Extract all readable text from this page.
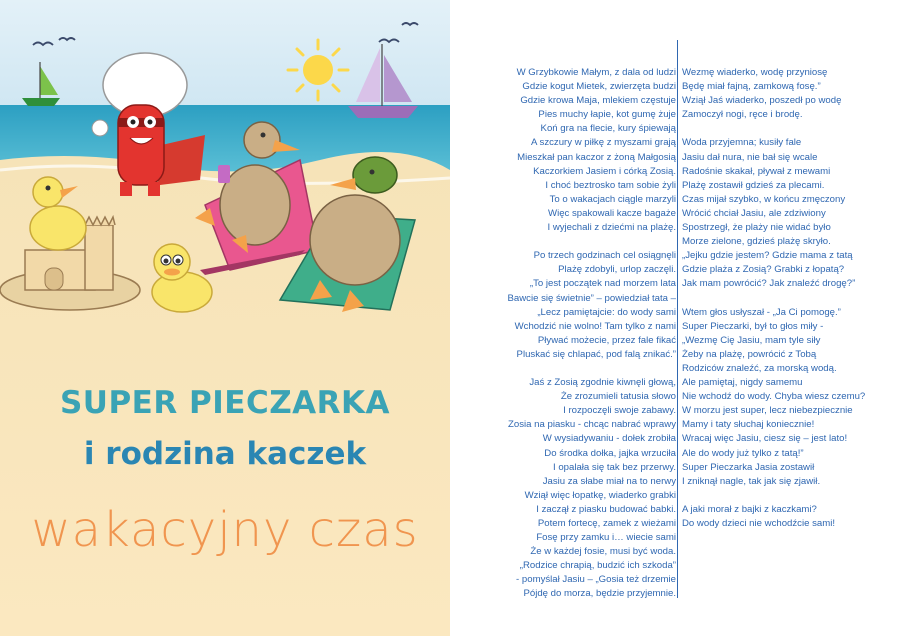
SUPER PIECZARKA
i rodzina kaczek
wakacyjny czas
W Grzybkowie Małym, z dala od ludzi
Gdzie kogut Mietek, zwierzęta budzi
Gdzie krowa Maja, mlekiem częstuje
Pies muchy łapie, kot gumę żuje
Koń gra na flecie, kury śpiewają
A szczury w piłkę z myszami grają
Mieszkał pan kaczor z żoną Małgosią
Kaczorkiem Jasiem i córką Zosią.
I choć beztrosko tam sobie żyli
To o wakacjach ciągle marzyli
Więc spakowali kacze bagaże
I wyjechali z dziećmi na plażę.
Po trzech godzinach cel osiągnęli
Plażę zdobyli, urlop zaczęli.
„To jest początek nad morzem lata
Bawcie się świetnie” – powiedział tata –
„Lecz pamiętajcie: do wody sami
Wchodzić nie wolno! Tam tylko z nami
Pływać możecie, przez fale fikać
Pluskać się chlapać, pod falą znikać.”
Jaś z Zosią zgodnie kiwnęli głową,
Że zrozumieli tatusia słowo
I rozpoczęli swoje zabawy.
Zosia na piasku - chcąc nabrać wprawy
W wysiadywaniu - dołek zrobiła
Do środka dołka, jajka wrzuciła
I opalała się tak bez przerwy.
Jasiu za słabe miał na to nerwy
Wziął więc łopatkę, wiaderko grabki
I zaczął z piasku budować babki.
Potem fortecę, zamek z wieżami
Fosę przy zamku i… wiecie sami
Że w każdej fosie, musi być woda.
„Rodzice chrapią, budzić ich szkoda”
- pomyślał Jasiu – „Gosia też drzemie
Pójdę do morza, będzie przyjemnie.
Wezmę wiaderko, wodę przyniosę
Będę miał fajną, zamkową fosę.”
Wziął Jaś wiaderko, poszedł po wodę
Zamoczył nogi, ręce i brodę.
Woda przyjemna; kusiły fale
Jasiu dał nura, nie bał się wcale
Radośnie skakał, pływał z mewami
Plażę zostawił gdzieś za plecami.
Czas mijał szybko, w końcu zmęczony
Wrócić chciał Jasiu, ale zdziwiony
Spostrzegł, że plaży nie widać było
Morze zielone, gdzieś plażę skryło.
„Jejku gdzie jestem? Gdzie mama z tatą
Gdzie plaża z Zosią? Grabki z łopatą?
Jak mam powrócić? Jak znaleźć drogę?”
Wtem głos usłyszał - „Ja Ci pomogę.”
Super Pieczarki, był to głos miły -
„Wezmę Cię Jasiu, mam tyle siły
Żeby na plażę, powrócić z Tobą
Rodziców znaleźć, za morską wodą.
Ale pamiętaj, nigdy samemu
Nie wchodź do wody. Chyba wiesz czemu?
W morzu jest super, lecz niebezpiecznie
Mamy i taty słuchaj koniecznie!
Wracaj więc Jasiu, ciesz się – jest lato!
Ale do wody już tylko z tatą!”
Super Pieczarka Jasia zostawił
I zniknął nagle, tak jak się zjawił.
A jaki morał z bajki z kaczkami?
Do wody dzieci nie wchodźcie sami!
